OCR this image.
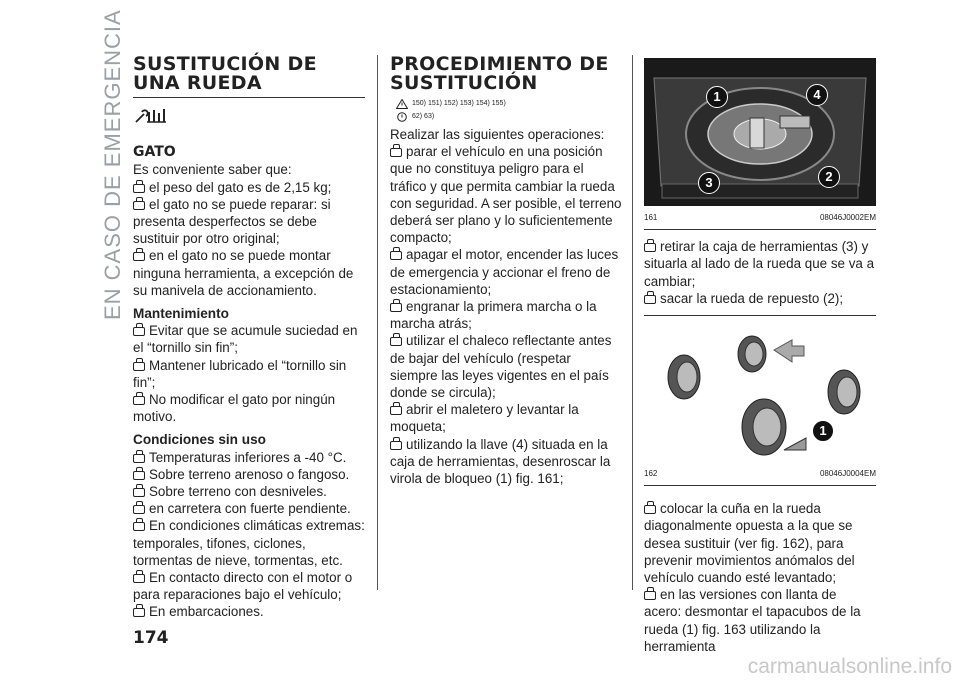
EN CASO DE EMERGENCIA SUSTITUCIÓN DE
UNA RUEDA
GATO

Es conveniente saber que:

el peso del gato es de 2,15 kg;

el gato no se puede reparar: si presenta desperfectos se debe sustituir por otro original;

en el gato no se puede montar ninguna herramienta, a excepción de su manivela de accionamiento.

Mantenimiento

Evitar que se acumule suciedad en el “tornillo sin fin”;

Mantener lubricado el “tornillo sin fin”;

No modificar el gato por ningún motivo.

Condiciones sin uso

Temperaturas inferiores a -40 °C.

Sobre terreno arenoso o fangoso.

Sobre terreno con desniveles.

en carretera con fuerte pendiente.

En condiciones climáticas extremas: temporales, tifones, ciclones, tormentas de nieve, tormentas, etc.

En contacto directo con el motor o para reparaciones bajo el vehículo;

En embarcaciones.

PROCEDIMIENTO DE
SUSTITUCIÓN
150) 151) 152) 153) 154) 155)
62) 63)

Realizar las siguientes operaciones:

parar el vehículo en una posición que no constituya peligro para el tráfico y que permita cambiar la rueda con seguridad. A ser posible, el terreno deberá ser plano y lo suficientemente compacto;

apagar el motor, encender las luces de emergencia y accionar el freno de estacionamiento;

engranar la primera marcha o la marcha atrás;

utilizar el chaleco reflectante antes de bajar del vehículo (respetar siempre las leyes vigentes en el país donde se circula);

abrir el maletero y levantar la moqueta;

utilizando la llave (4) situada en la caja de herramientas, desenroscar la virola de bloqueo (1) fig. 161;

1	4
3	2
161	08046J0002EM

retirar la caja de herramientas (3) y situarla al lado de la rueda que se va a cambiar;

sacar la rueda de repuesto (2);

1
162	08046J0004EM

colocar la cuña en la rueda diagonalmente opuesta a la que se desea sustituir (ver fig. 162), para prevenir movimientos anómalos del vehículo cuando esté levantado;

en las versiones con llanta de acero: desmontar el tapacubos de la rueda (1) fig. 163 utilizando la herramienta

174
carmanualsonline.info
